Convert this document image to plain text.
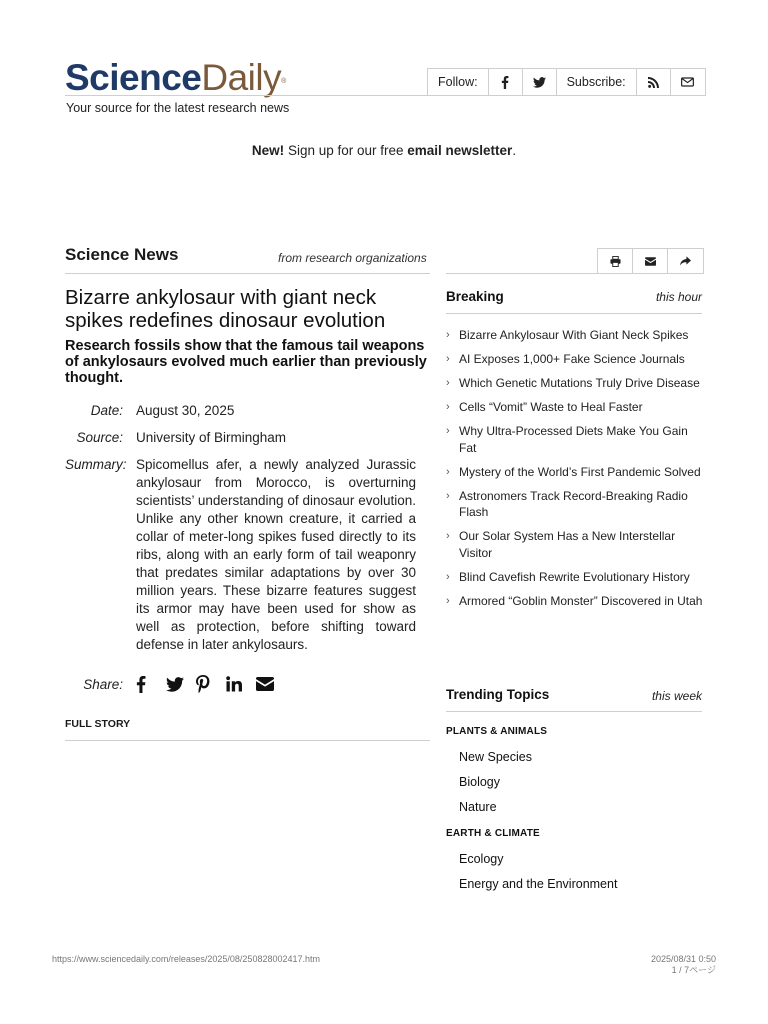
ScienceDaily®
Your source for the latest research news
Follow:	Subscribe:
New! Sign up for our free email newsletter.
Science News	from research organizations
Bizarre ankylosaur with giant neck spikes redefines dinosaur evolution
Research fossils show that the famous tail weapons of ankylosaurs evolved much earlier than previously thought.
Date: August 30, 2025
Source: University of Birmingham
Summary: Spicomellus afer, a newly analyzed Jurassic ankylosaur from Morocco, is overturning scientists’ understanding of dinosaur evolution. Unlike any other known creature, it carried a collar of meter-long spikes fused directly to its ribs, along with an early form of tail weaponry that predates similar adaptations by over 30 million years. These bizarre features suggest its armor may have been used for show as well as protection, before shifting toward defense in later ankylosaurs.
Share:
FULL STORY
Breaking	this hour
› Bizarre Ankylosaur With Giant Neck Spikes
› AI Exposes 1,000+ Fake Science Journals
› Which Genetic Mutations Truly Drive Disease
› Cells “Vomit” Waste to Heal Faster
› Why Ultra-Processed Diets Make You Gain Fat
› Mystery of the World’s First Pandemic Solved
› Astronomers Track Record-Breaking Radio Flash
› Our Solar System Has a New Interstellar Visitor
› Blind Cavefish Rewrite Evolutionary History
› Armored “Goblin Monster” Discovered in Utah
Trending Topics	this week
PLANTS & ANIMALS
New Species
Biology
Nature
EARTH & CLIMATE
Ecology
Energy and the Environment
https://www.sciencedaily.com/releases/2025/08/250828002417.htm	2025/08/31 0:50
1 / 7ページ
